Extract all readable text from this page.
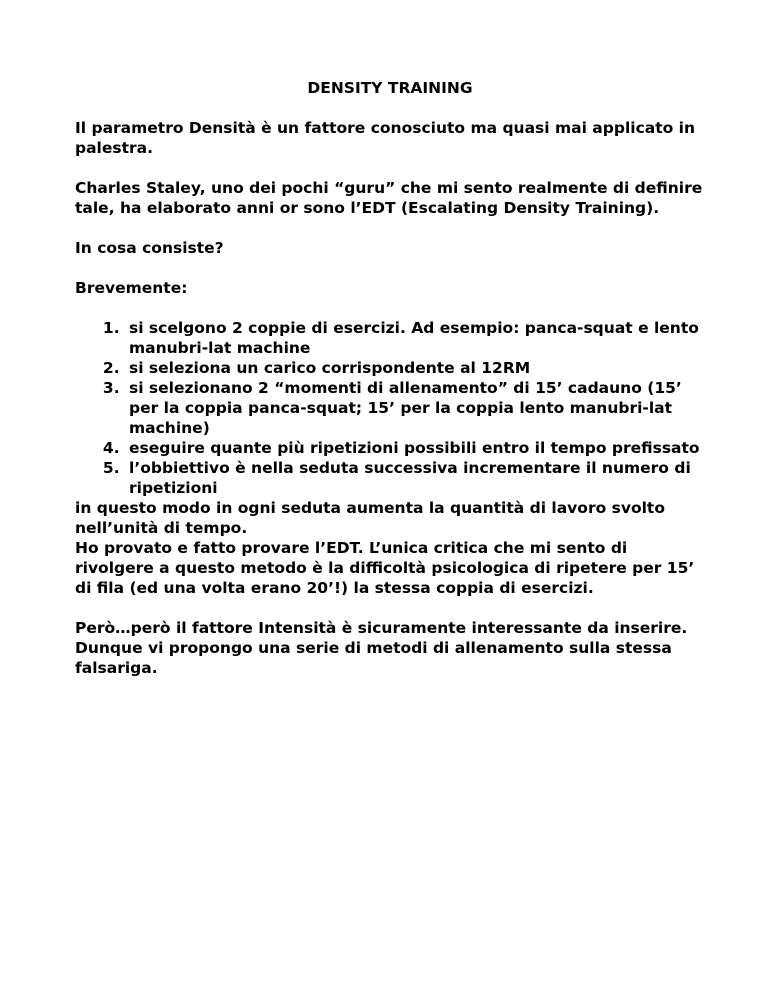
DENSITY TRAINING

Il parametro Densità è un fattore conosciuto ma quasi mai applicato in palestra.

Charles Staley, uno dei pochi “guru” che mi sento realmente di definire tale, ha elaborato anni or sono l’EDT (Escalating Density Training).

In cosa consiste?

Brevemente:

1. si scelgono 2 coppie di esercizi. Ad esempio: panca-squat e lento manubri-lat machine
2. si seleziona un carico corrispondente al 12RM
3. si selezionano 2 “momenti di allenamento” di 15’ cadauno (15’ per la coppia panca-squat; 15’ per la coppia lento manubri-lat machine)
4. eseguire quante più ripetizioni possibili entro il tempo prefissato
5. l’obbiettivo è nella seduta successiva incrementare il numero di ripetizioni
in questo modo in ogni seduta aumenta la quantità di lavoro svolto nell’unità di tempo.
Ho provato e fatto provare l’EDT. L’unica critica che mi sento di rivolgere a questo metodo è la difficoltà psicologica di ripetere per 15’ di fila (ed una volta erano 20’!) la stessa coppia di esercizi.

Però…però il fattore Intensità è sicuramente interessante da inserire. Dunque vi propongo una serie di metodi di allenamento sulla stessa falsariga.
